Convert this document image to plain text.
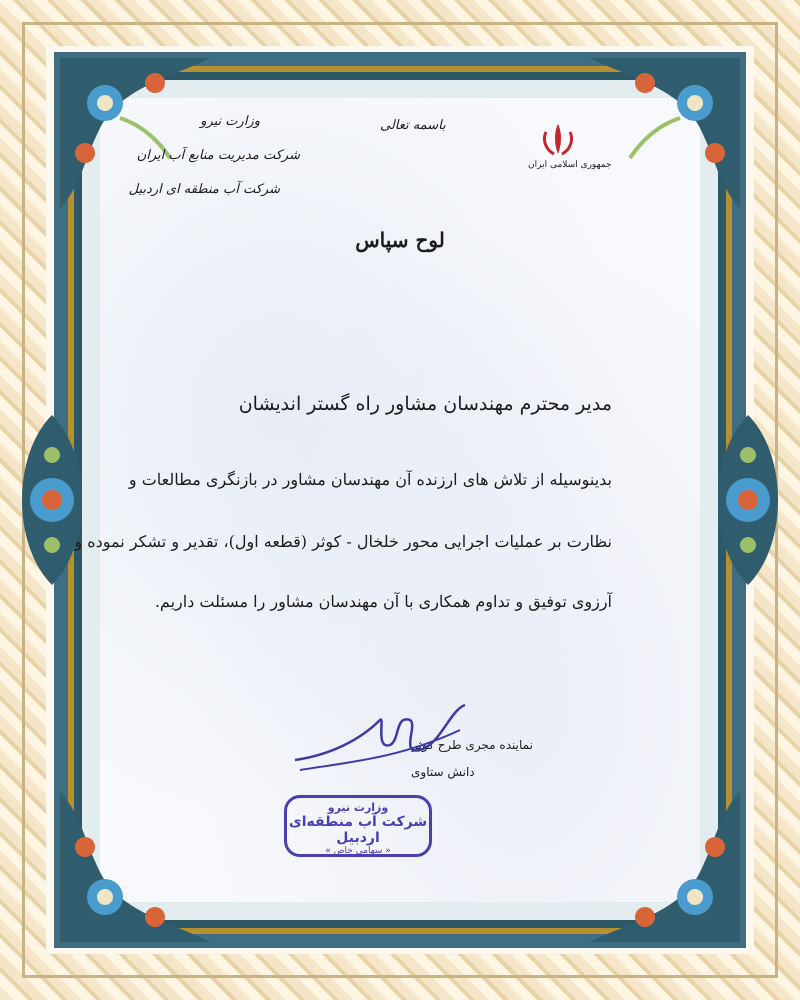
وزارت نیرو
شرکت مدیریت منابع آب ایران
شرکت آب منطقه ای اردبیل
باسمه تعالی
جمهوری اسلامی ایران
لوح سپاس
مدیر محترم مهندسان مشاور راه گستر اندیشان
بدینوسیله از تلاش های ارزنده آن مهندسان مشاور در بازنگری مطالعات و
نظارت بر عملیات اجرایی محور خلخال - کوثر (قطعه اول)، تقدیر و تشکر نموده و
آرزوی توفیق و تداوم همکاری با آن مهندسان مشاور را مسئلت داریم.
نماینده مجری طرح کوثر
دانش ستاوی
وزارت نیرو
شرکت آب منطقه‌ای اردبیل
« سهامی خاص »
